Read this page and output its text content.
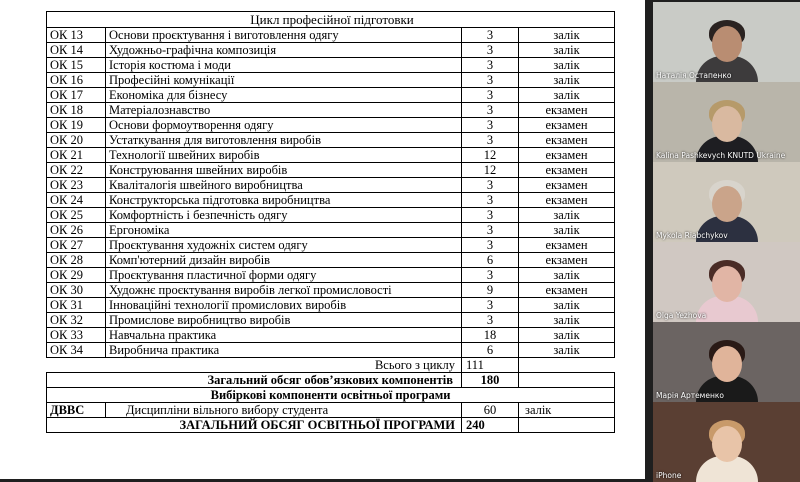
Цикл професійної підготовки			
ОК 13	Основи проєктування і виготовлення одягу	3	залік
ОК 14	Художньо-графічна композиція	3	залік
ОК 15	Історія костюма і моди	3	залік
ОК 16	Професійні комунікації	3	залік
ОК 17	Економіка для бізнесу	3	залік
ОК 18	Матеріалознавство	3	екзамен
ОК 19	Основи формоутворення одягу	3	екзамен
ОК 20	Устаткування для виготовлення виробів	3	екзамен
ОК 21	Технології швейних виробів	12	екзамен
ОК 22	Конструювання швейних виробів	12	екзамен
ОК 23	Кваліталогія швейного виробництва	3	екзамен
ОК 24	Конструкторська підготовка виробництва	3	екзамен
ОК 25	Комфортність і безпечність одягу	3	залік
ОК 26	Ергономіка	3	залік
ОК 27	Проєктування художніх систем одягу	3	екзамен
ОК 28	Комп'ютерний дизайн виробів	6	екзамен
ОК 29	Проєктування пластичної форми одягу	3	залік
ОК 30	Художнє проєктування виробів легкої промисловості	9	екзамен
ОК 31	Інноваційні технології промислових виробів	3	залік
ОК 32	Промислове виробництво виробів	3	залік
ОК 33	Навчальна практика	18	залік
ОК 34	Виробнича практика	6	залік
Всього з циклу		111	
Загальний обсяг обов’язкових компонентів		180	
Вибіркові компоненти освітньої програми			
ДВВС	Дисципліни вільного вибору студента	60	залік
ЗАГАЛЬНИЙ ОБСЯГ ОСВІТНЬОЇ ПРОГРАМИ		240	
Наталія Остапенко
Kalina Pashkevych KNUTD Ukraine
Mykola Riabchykov
Olga Yezhova
Марія Артеменко
iPhone
